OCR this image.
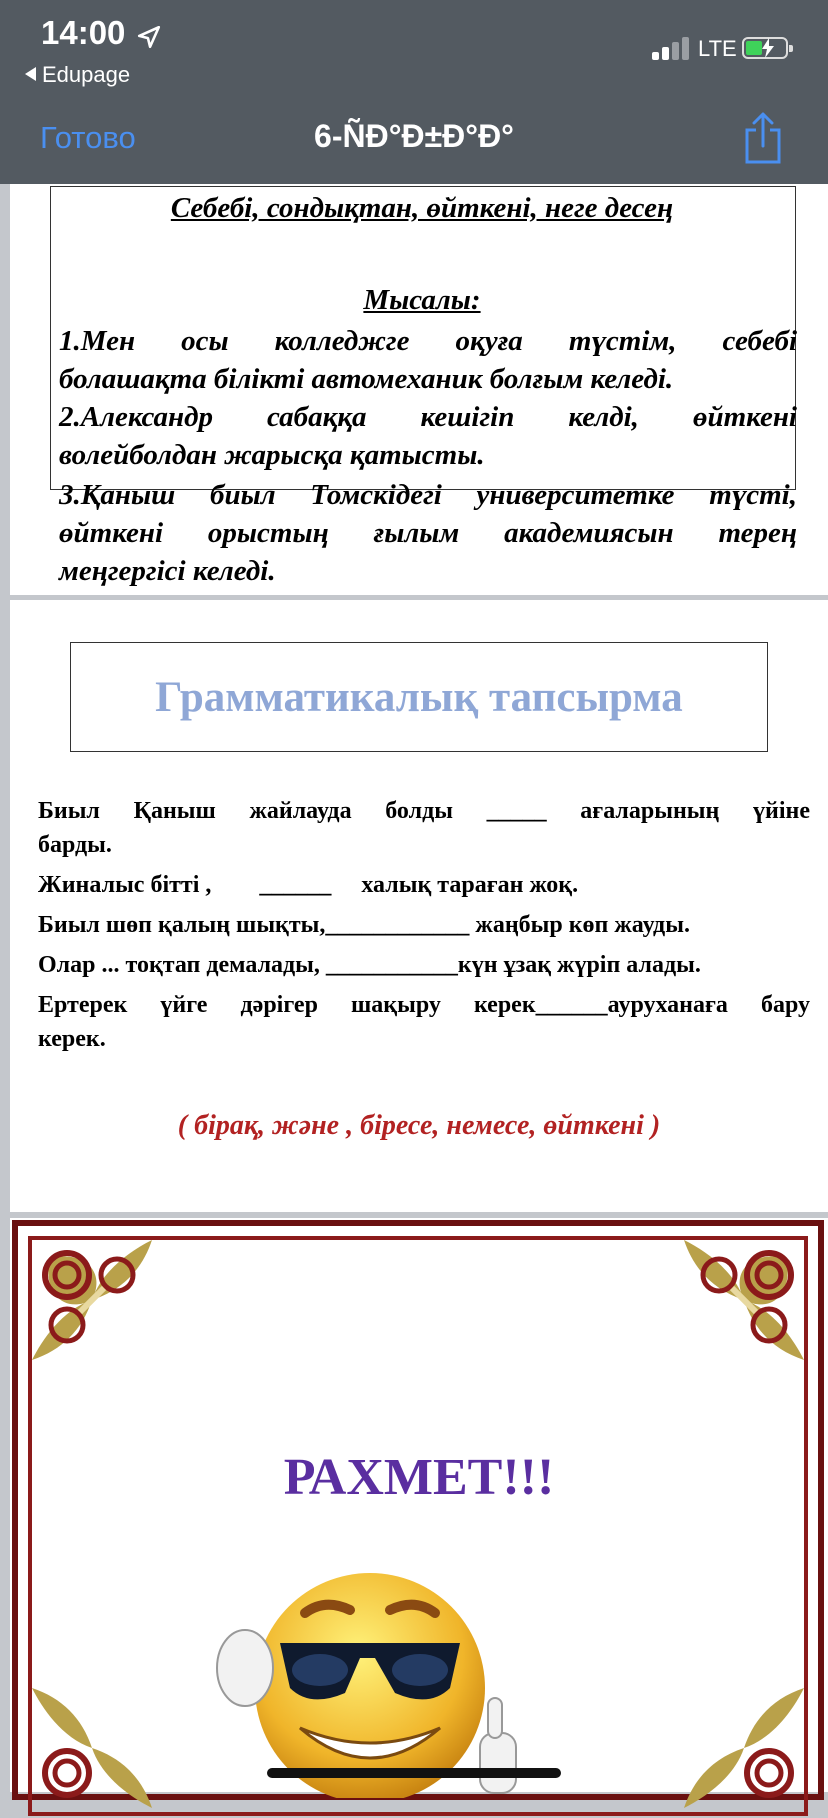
14:00
Edupage
LTE
Готово	6-ÑÐ°Ð±Ð°Ð°
Себебі, сондықтан, өйткені, неге десең
Мысалы:

1.Мен осы колледжге оқуға түстім, себебі

болашақта білікті автомеханик болғым келеді.

2.Александр сабаққа кешігіп келді, өйткені

волейболдан жарысқа қатысты.

3.Қаныш биыл Томскідегі университетке түсті,

өйткені орыстың ғылым академиясын терең

меңгергісі келеді.

Грамматикалық тапсырма

Биыл Қаныш жайлауда болды _____ ағаларының үйіне

барды.

Жиналыс бітті ,        ______     халық тараған жоқ.

Биыл шөп қалың шықты,____________ жаңбыр көп жауды.

Олар ... тоқтап демалады, ___________күн ұзақ жүріп алады.

Ертерек үйге дәрігер шақыру керек______ауруханаға бару

керек.

( бірақ, және , біресе, немесе, өйткені )
РАХМЕТ!!!
